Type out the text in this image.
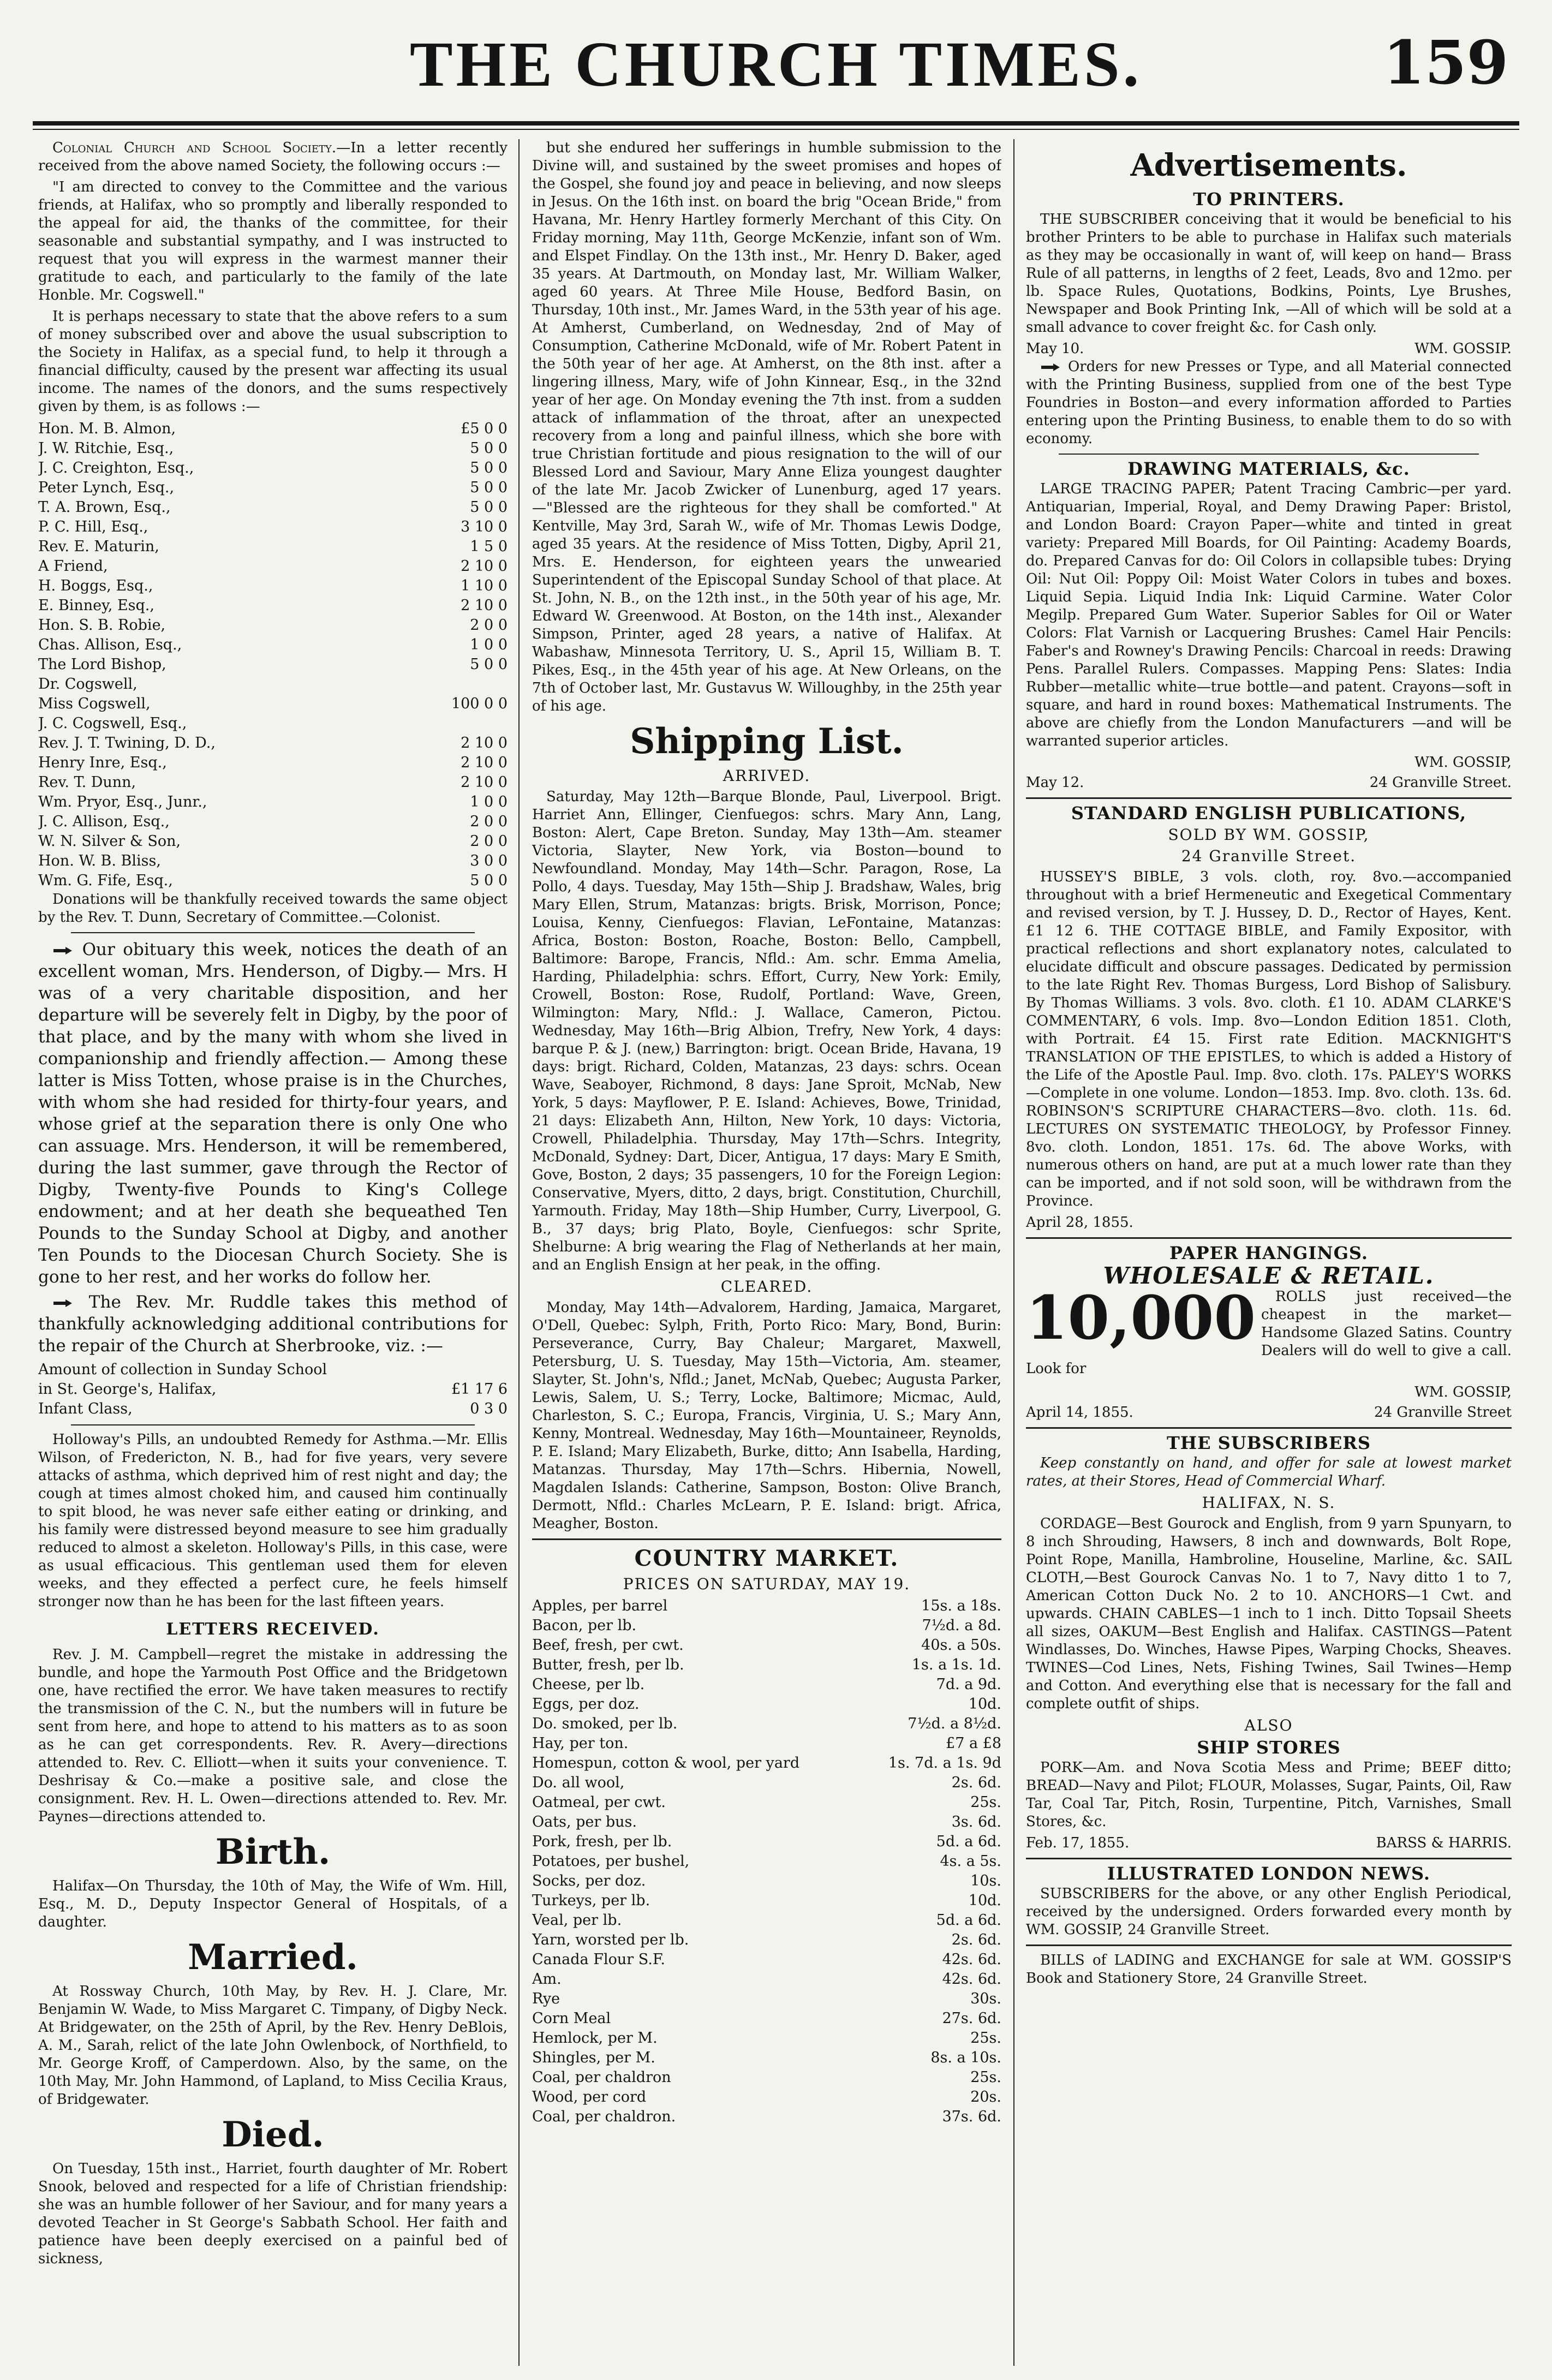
THE CHURCH TIMES.	159

Colonial Church and School Society.—In a letter recently received from the above named Society, the following occurs :—

"I am directed to convey to the Committee and the various friends, at Halifax, who so promptly and liberally responded to the appeal for aid, the thanks of the committee, for their seasonable and substantial sympathy, and I was instructed to request that you will express in the warmest manner their gratitude to each, and particularly to the family of the late Honble. Mr. Cogswell."

It is perhaps necessary to state that the above refers to a sum of money subscribed over and above the usual subscription to the Society in Halifax, as a special fund, to help it through a financial difficulty, caused by the present war affecting its usual income. The names of the donors, and the sums respectively given by them, is as follows :—

Hon. M. B. Almon,	£5 0 0
J. W. Ritchie, Esq.,	5 0 0
J. C. Creighton, Esq.,	5 0 0
Peter Lynch, Esq.,	5 0 0
T. A. Brown, Esq.,	5 0 0
P. C. Hill, Esq.,	3 10 0
Rev. E. Maturin,	1 5 0
A Friend,	2 10 0
H. Boggs, Esq.,	1 10 0
E. Binney, Esq.,	2 10 0
Hon. S. B. Robie,	2 0 0
Chas. Allison, Esq.,	1 0 0
The Lord Bishop,	5 0 0
Dr. Cogswell,	
Miss Cogswell,	100 0 0
J. C. Cogswell, Esq.,	
Rev. J. T. Twining, D. D.,	2 10 0
Henry Inre, Esq.,	2 10 0
Rev. T. Dunn,	2 10 0
Wm. Pryor, Esq., Junr.,	1 0 0
J. C. Allison, Esq.,	2 0 0
W. N. Silver & Son,	2 0 0
Hon. W. B. Bliss,	3 0 0
Wm. G. Fife, Esq.,	5 0 0

Donations will be thankfully received towards the same object by the Rev. T. Dunn, Secretary of Committee.—Colonist.

Our obituary this week, notices the death of an excellent woman, Mrs. Henderson, of Digby.— Mrs. H was of a very charitable disposition, and her departure will be severely felt in Digby, by the poor of that place, and by the many with whom she lived in companionship and friendly affection.— Among these latter is Miss Totten, whose praise is in the Churches, with whom she had resided for thirty-four years, and whose grief at the separation there is only One who can assuage. Mrs. Henderson, it will be remembered, during the last summer, gave through the Rector of Digby, Twenty-five Pounds to King's College endowment; and at her death she bequeathed Ten Pounds to the Sunday School at Digby, and another Ten Pounds to the Diocesan Church Society. She is gone to her rest, and her works do follow her.

The Rev. Mr. Ruddle takes this method of thankfully acknowledging additional contributions for the repair of the Church at Sherbrooke, viz. :—

Amount of collection in Sunday School	
in St. George's, Halifax,	£1 17 6
Infant Class,	0 3 0

Holloway's Pills, an undoubted Remedy for Asthma.—Mr. Ellis Wilson, of Fredericton, N. B., had for five years, very severe attacks of asthma, which deprived him of rest night and day; the cough at times almost choked him, and caused him continually to spit blood, he was never safe either eating or drinking, and his family were distressed beyond measure to see him gradually reduced to almost a skeleton. Holloway's Pills, in this case, were as usual efficacious. This gentleman used them for eleven weeks, and they effected a perfect cure, he feels himself stronger now than he has been for the last fifteen years.

LETTERS RECEIVED.

Rev. J. M. Campbell—regret the mistake in addressing the bundle, and hope the Yarmouth Post Office and the Bridgetown one, have rectified the error. We have taken measures to rectify the transmission of the C. N., but the numbers will in future be sent from here, and hope to attend to his matters as to as soon as he can get correspondents. Rev. R. Avery—directions attended to. Rev. C. Elliott—when it suits your convenience. T. Deshrisay & Co.—make a positive sale, and close the consignment. Rev. H. L. Owen—directions attended to. Rev. Mr. Paynes—directions attended to.

Birth.

Halifax—On Thursday, the 10th of May, the Wife of Wm. Hill, Esq., M. D., Deputy Inspector General of Hospitals, of a daughter.

Married.

At Rossway Church, 10th May, by Rev. H. J. Clare, Mr. Benjamin W. Wade, to Miss Margaret C. Timpany, of Digby Neck. At Bridgewater, on the 25th of April, by the Rev. Henry DeBlois, A. M., Sarah, relict of the late John Owlenbock, of Northfield, to Mr. George Kroff, of Camperdown. Also, by the same, on the 10th May, Mr. John Hammond, of Lapland, to Miss Cecilia Kraus, of Bridgewater.

Died.

On Tuesday, 15th inst., Harriet, fourth daughter of Mr. Robert Snook, beloved and respected for a life of Christian friendship: she was an humble follower of her Saviour, and for many years a devoted Teacher in St George's Sabbath School. Her faith and patience have been deeply exercised on a painful bed of sickness,

but she endured her sufferings in humble submission to the Divine will, and sustained by the sweet promises and hopes of the Gospel, she found joy and peace in believing, and now sleeps in Jesus. On the 16th inst. on board the brig "Ocean Bride," from Havana, Mr. Henry Hartley formerly Merchant of this City. On Friday morning, May 11th, George McKenzie, infant son of Wm. and Elspet Findlay. On the 13th inst., Mr. Henry D. Baker, aged 35 years. At Dartmouth, on Monday last, Mr. William Walker, aged 60 years. At Three Mile House, Bedford Basin, on Thursday, 10th inst., Mr. James Ward, in the 53th year of his age. At Amherst, Cumberland, on Wednesday, 2nd of May of Consumption, Catherine McDonald, wife of Mr. Robert Patent in the 50th year of her age. At Amherst, on the 8th inst. after a lingering illness, Mary, wife of John Kinnear, Esq., in the 32nd year of her age. On Monday evening the 7th inst. from a sudden attack of inflammation of the throat, after an unexpected recovery from a long and painful illness, which she bore with true Christian fortitude and pious resignation to the will of our Blessed Lord and Saviour, Mary Anne Eliza youngest daughter of the late Mr. Jacob Zwicker of Lunenburg, aged 17 years.—"Blessed are the righteous for they shall be comforted." At Kentville, May 3rd, Sarah W., wife of Mr. Thomas Lewis Dodge, aged 35 years. At the residence of Miss Totten, Digby, April 21, Mrs. E. Henderson, for eighteen years the unwearied Superintendent of the Episcopal Sunday School of that place. At St. John, N. B., on the 12th inst., in the 50th year of his age, Mr. Edward W. Greenwood. At Boston, on the 14th inst., Alexander Simpson, Printer, aged 28 years, a native of Halifax. At Wabashaw, Minnesota Territory, U. S., April 15, William B. T. Pikes, Esq., in the 45th year of his age. At New Orleans, on the 7th of October last, Mr. Gustavus W. Willoughby, in the 25th year of his age.

Shipping List.
ARRIVED.

Saturday, May 12th—Barque Blonde, Paul, Liverpool. Brigt. Harriet Ann, Ellinger, Cienfuegos: schrs. Mary Ann, Lang, Boston: Alert, Cape Breton. Sunday, May 13th—Am. steamer Victoria, Slayter, New York, via Boston—bound to Newfoundland. Monday, May 14th—Schr. Paragon, Rose, La Pollo, 4 days. Tuesday, May 15th—Ship J. Bradshaw, Wales, brig Mary Ellen, Strum, Matanzas: brigts. Brisk, Morrison, Ponce; Louisa, Kenny, Cienfuegos: Flavian, LeFontaine, Matanzas: Africa, Boston: Boston, Roache, Boston: Bello, Campbell, Baltimore: Barope, Francis, Nfld.: Am. schr. Emma Amelia, Harding, Philadelphia: schrs. Effort, Curry, New York: Emily, Crowell, Boston: Rose, Rudolf, Portland: Wave, Green, Wilmington: Mary, Nfld.: J. Wallace, Cameron, Pictou. Wednesday, May 16th—Brig Albion, Trefry, New York, 4 days: barque P. & J. (new,) Barrington: brigt. Ocean Bride, Havana, 19 days: brigt. Richard, Colden, Matanzas, 23 days: schrs. Ocean Wave, Seaboyer, Richmond, 8 days: Jane Sproit, McNab, New York, 5 days: Mayflower, P. E. Island: Achieves, Bowe, Trinidad, 21 days: Elizabeth Ann, Hilton, New York, 10 days: Victoria, Crowell, Philadelphia. Thursday, May 17th—Schrs. Integrity, McDonald, Sydney: Dart, Dicer, Antigua, 17 days: Mary E Smith, Gove, Boston, 2 days; 35 passengers, 10 for the Foreign Legion: Conservative, Myers, ditto, 2 days, brigt. Constitution, Churchill, Yarmouth. Friday, May 18th—Ship Humber, Curry, Liverpool, G. B., 37 days; brig Plato, Boyle, Cienfuegos: schr Sprite, Shelburne: A brig wearing the Flag of Netherlands at her main, and an English Ensign at her peak, in the offing.

CLEARED.

Monday, May 14th—Advalorem, Harding, Jamaica, Margaret, O'Dell, Quebec: Sylph, Frith, Porto Rico: Mary, Bond, Burin: Perseverance, Curry, Bay Chaleur; Margaret, Maxwell, Petersburg, U. S. Tuesday, May 15th—Victoria, Am. steamer, Slayter, St. John's, Nfld.; Janet, McNab, Quebec; Augusta Parker, Lewis, Salem, U. S.; Terry, Locke, Baltimore; Micmac, Auld, Charleston, S. C.; Europa, Francis, Virginia, U. S.; Mary Ann, Kenny, Montreal. Wednesday, May 16th—Mountaineer, Reynolds, P. E. Island; Mary Elizabeth, Burke, ditto; Ann Isabella, Harding, Matanzas. Thursday, May 17th—Schrs. Hibernia, Nowell, Magdalen Islands: Catherine, Sampson, Boston: Olive Branch, Dermott, Nfld.: Charles McLearn, P. E. Island: brigt. Africa, Meagher, Boston.

COUNTRY MARKET.
PRICES ON SATURDAY, MAY 19.
Apples, per barrel	15s. a 18s.
Bacon, per lb.	7½d. a 8d.
Beef, fresh, per cwt.	40s. a 50s.
Butter, fresh, per lb.	1s. a 1s. 1d.
Cheese, per lb.	7d. a 9d.
Eggs, per doz.	10d.
Do. smoked, per lb.	7½d. a 8½d.
Hay, per ton.	£7 a £8
Homespun, cotton & wool, per yard	1s. 7d. a 1s. 9d
Do. all wool,	2s. 6d.
Oatmeal, per cwt.	25s.
Oats, per bus.	3s. 6d.
Pork, fresh, per lb.	5d. a 6d.
Potatoes, per bushel,	4s. a 5s.
Socks, per doz.	10s.
Turkeys, per lb.	10d.
Veal, per lb.	5d. a 6d.
Yarn, worsted per lb.	2s. 6d.
Canada Flour S.F.	42s. 6d.
Am.	42s. 6d.
Rye	30s.
Corn Meal	27s. 6d.
Hemlock, per M.	25s.
Shingles, per M.	8s. a 10s.
Coal, per chaldron	25s.
Wood, per cord	20s.
Coal, per chaldron.	37s. 6d.
Advertisements.
TO PRINTERS.

THE SUBSCRIBER conceiving that it would be beneficial to his brother Printers to be able to purchase in Halifax such materials as they may be occasionally in want of, will keep on hand— Brass Rule of all patterns, in lengths of 2 feet, Leads, 8vo and 12mo. per lb. Space Rules, Quotations, Bodkins, Points, Lye Brushes, Newspaper and Book Printing Ink, —All of which will be sold at a small advance to cover freight &c. for Cash only.

May 10.	WM. GOSSIP.

Orders for new Presses or Type, and all Material connected with the Printing Business, supplied from one of the best Type Foundries in Boston—and every information afforded to Parties entering upon the Printing Business, to enable them to do so with economy.

DRAWING MATERIALS, &c.

LARGE TRACING PAPER; Patent Tracing Cambric—per yard. Antiquarian, Imperial, Royal, and Demy Drawing Paper: Bristol, and London Board: Crayon Paper—white and tinted in great variety: Prepared Mill Boards, for Oil Painting: Academy Boards, do. Prepared Canvas for do: Oil Colors in collapsible tubes: Drying Oil: Nut Oil: Poppy Oil: Moist Water Colors in tubes and boxes. Liquid Sepia. Liquid India Ink: Liquid Carmine. Water Color Megilp. Prepared Gum Water. Superior Sables for Oil or Water Colors: Flat Varnish or Lacquering Brushes: Camel Hair Pencils: Faber's and Rowney's Drawing Pencils: Charcoal in reeds: Drawing Pens. Parallel Rulers. Compasses. Mapping Pens: Slates: India Rubber—metallic white—true bottle—and patent. Crayons—soft in square, and hard in round boxes: Mathematical Instruments. The above are chiefly from the London Manufacturers —and will be warranted superior articles.

WM. GOSSIP,
May 12.	24 Granville Street.
STANDARD ENGLISH PUBLICATIONS,
SOLD BY WM. GOSSIP,
24 Granville Street.

HUSSEY'S BIBLE, 3 vols. cloth, roy. 8vo.—accompanied throughout with a brief Hermeneutic and Exegetical Commentary and revised version, by T. J. Hussey, D. D., Rector of Hayes, Kent. £1 12 6. THE COTTAGE BIBLE, and Family Expositor, with practical reflections and short explanatory notes, calculated to elucidate difficult and obscure passages. Dedicated by permission to the late Right Rev. Thomas Burgess, Lord Bishop of Salisbury. By Thomas Williams. 3 vols. 8vo. cloth. £1 10. ADAM CLARKE'S COMMENTARY, 6 vols. Imp. 8vo—London Edition 1851. Cloth, with Portrait. £4 15. First rate Edition. MACKNIGHT'S TRANSLATION OF THE EPISTLES, to which is added a History of the Life of the Apostle Paul. Imp. 8vo. cloth. 17s. PALEY'S WORKS—Complete in one volume. London—1853. Imp. 8vo. cloth. 13s. 6d. ROBINSON'S SCRIPTURE CHARACTERS—8vo. cloth. 11s. 6d. LECTURES ON SYSTEMATIC THEOLOGY, by Professor Finney. 8vo. cloth. London, 1851. 17s. 6d. The above Works, with numerous others on hand, are put at a much lower rate than they can be imported, and if not sold soon, will be withdrawn from the Province.

April 28, 1855.
PAPER HANGINGS.
WHOLESALE & RETAIL.
10,000	ROLLS just received—the cheapest in the market—Handsome Glazed Satins. Country Dealers will do well to give a call. Look for

WM. GOSSIP,
April 14, 1855.	24 Granville Street
THE SUBSCRIBERS

Keep constantly on hand, and offer for sale at lowest market rates, at their Stores, Head of Commercial Wharf.

HALIFAX, N. S.

CORDAGE—Best Gourock and English, from 9 yarn Spunyarn, to 8 inch Shrouding, Hawsers, 8 inch and downwards, Bolt Rope, Point Rope, Manilla, Hambroline, Houseline, Marline, &c. SAIL CLOTH,—Best Gourock Canvas No. 1 to 7, Navy ditto 1 to 7, American Cotton Duck No. 2 to 10. ANCHORS—1 Cwt. and upwards. CHAIN CABLES—1 inch to 1 inch. Ditto Topsail Sheets all sizes, OAKUM—Best English and Halifax. CASTINGS—Patent Windlasses, Do. Winches, Hawse Pipes, Warping Chocks, Sheaves. TWINES—Cod Lines, Nets, Fishing Twines, Sail Twines—Hemp and Cotton. And everything else that is necessary for the fall and complete outfit of ships.

ALSO
SHIP STORES

PORK—Am. and Nova Scotia Mess and Prime; BEEF ditto; BREAD—Navy and Pilot; FLOUR, Molasses, Sugar, Paints, Oil, Raw Tar, Coal Tar, Pitch, Rosin, Turpentine, Pitch, Varnishes, Small Stores, &c.

Feb. 17, 1855.	BARSS & HARRIS.
ILLUSTRATED LONDON NEWS.

SUBSCRIBERS for the above, or any other English Periodical, received by the undersigned. Orders forwarded every month by WM. GOSSIP, 24 Granville Street.

BILLS of LADING and EXCHANGE for sale at WM. GOSSIP'S Book and Stationery Store, 24 Granville Street.
